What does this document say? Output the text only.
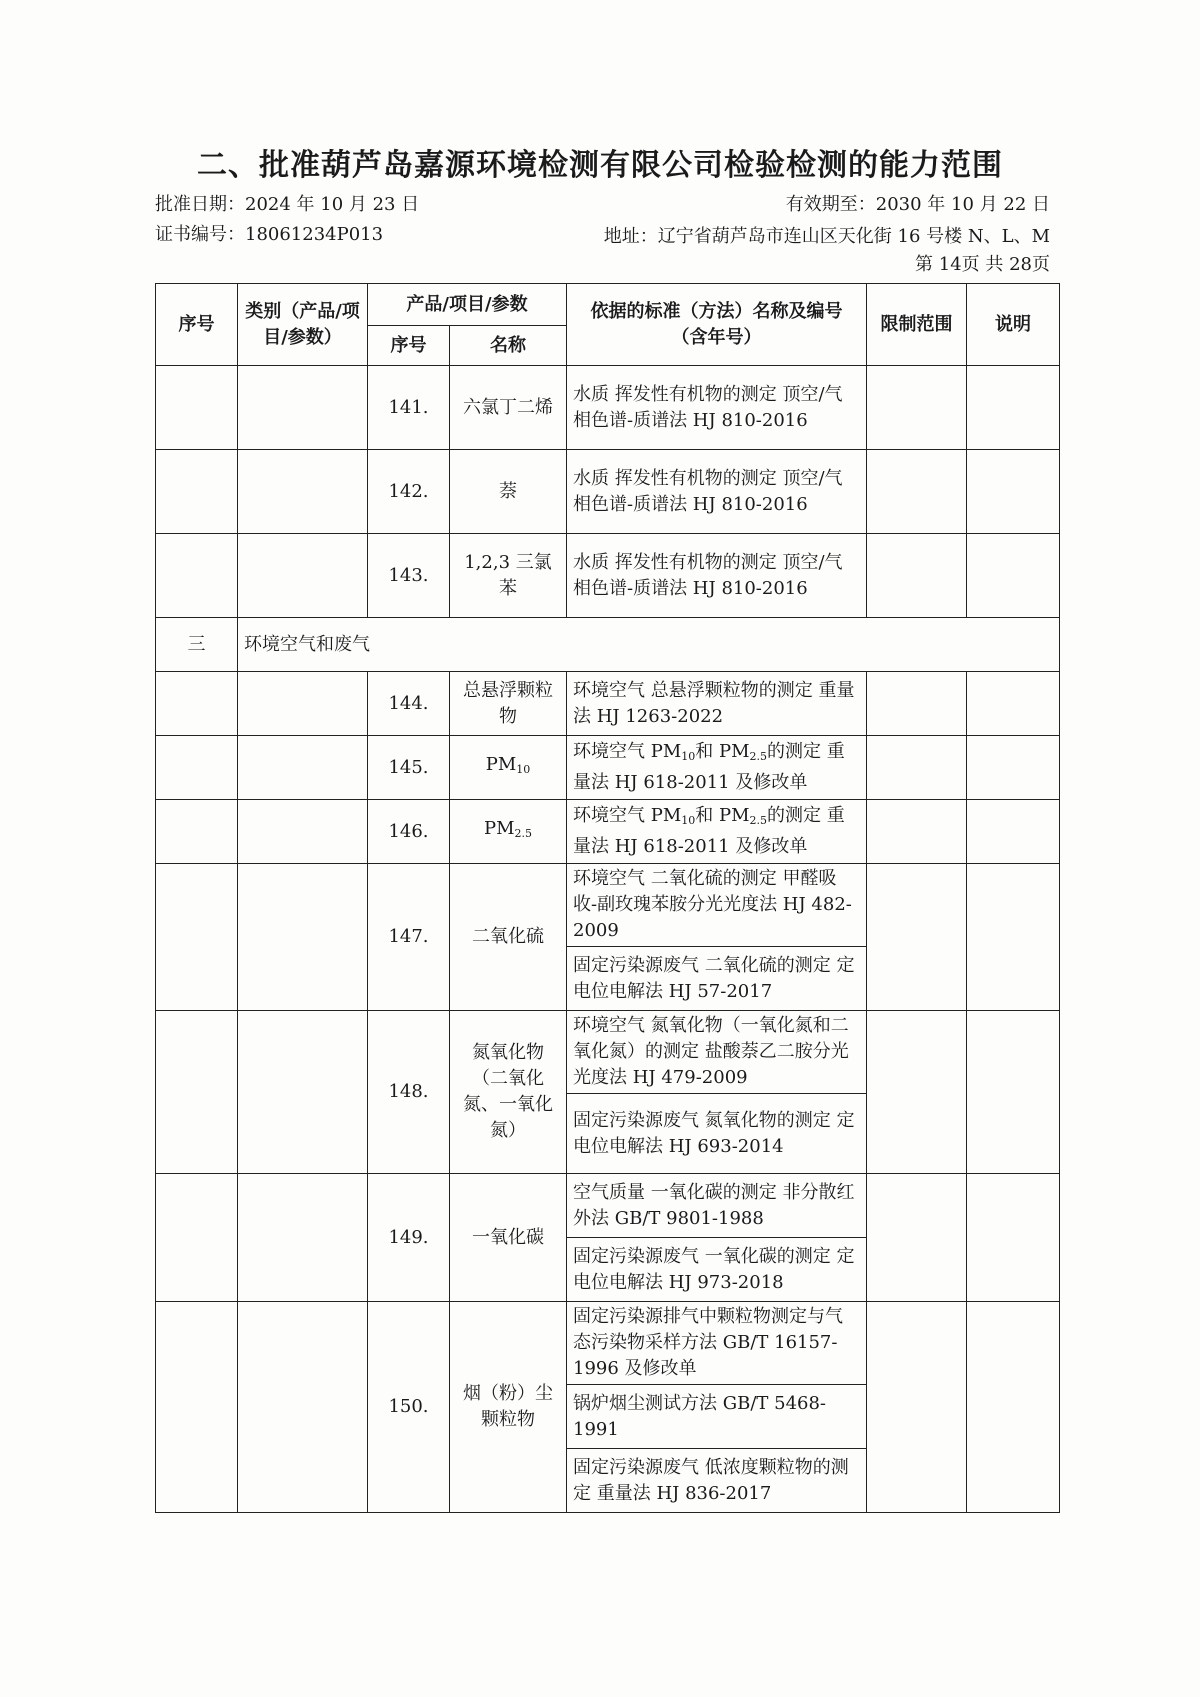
二、批准葫芦岛嘉源环境检测有限公司检验检测的能力范围
批准日期：2024 年 10 月 23 日	有效期至：2030 年 10 月 22 日
证书编号：18061234P013	地址：辽宁省葫芦岛市连山区天化街 16 号楼 N、L、M
第 14页 共 28页
序号	类别（产品/项目/参数）	产品/项目/参数		依据的标准（方法）名称及编号（含年号）	限制范围	说明
		序号	名称			
		141.	六氯丁二烯	水质 挥发性有机物的测定 顶空/气相色谱-质谱法 HJ 810-2016		
		142.	萘	水质 挥发性有机物的测定 顶空/气相色谱-质谱法 HJ 810-2016		
		143.	1,2,3 三氯苯	水质 挥发性有机物的测定 顶空/气相色谱-质谱法 HJ 810-2016		
三	环境空气和废气					
		144.	总悬浮颗粒物	环境空气 总悬浮颗粒物的测定 重量法 HJ 1263-2022		
		145.	$PM_{10}$	环境空气 $PM_{10}$和 $PM_{2.5}$的测定 重量法 HJ 618-2011 及修改单		
		146.	$PM_{2.5}$	环境空气 $PM_{10}$和 $PM_{2.5}$的测定 重量法 HJ 618-2011 及修改单		
		147.	二氧化硫	环境空气 二氧化硫的测定 甲醛吸收-副玫瑰苯胺分光光度法 HJ 482-2009		
				固定污染源废气 二氧化硫的测定 定电位电解法 HJ 57-2017		
		148.	氮氧化物（二氧化氮、一氧化氮）	环境空气 氮氧化物（一氧化氮和二氧化氮）的测定 盐酸萘乙二胺分光光度法 HJ 479-2009		
				固定污染源废气 氮氧化物的测定 定电位电解法 HJ 693-2014		
		149.	一氧化碳	空气质量 一氧化碳的测定 非分散红外法 GB/T 9801-1988		
				固定污染源废气 一氧化碳的测定 定电位电解法 HJ 973-2018		
		150.	烟（粉）尘颗粒物	固定污染源排气中颗粒物测定与气态污染物采样方法 GB/T 16157-1996 及修改单		
				锅炉烟尘测试方法 GB/T 5468-1991		
				固定污染源废气 低浓度颗粒物的测定 重量法 HJ 836-2017		
